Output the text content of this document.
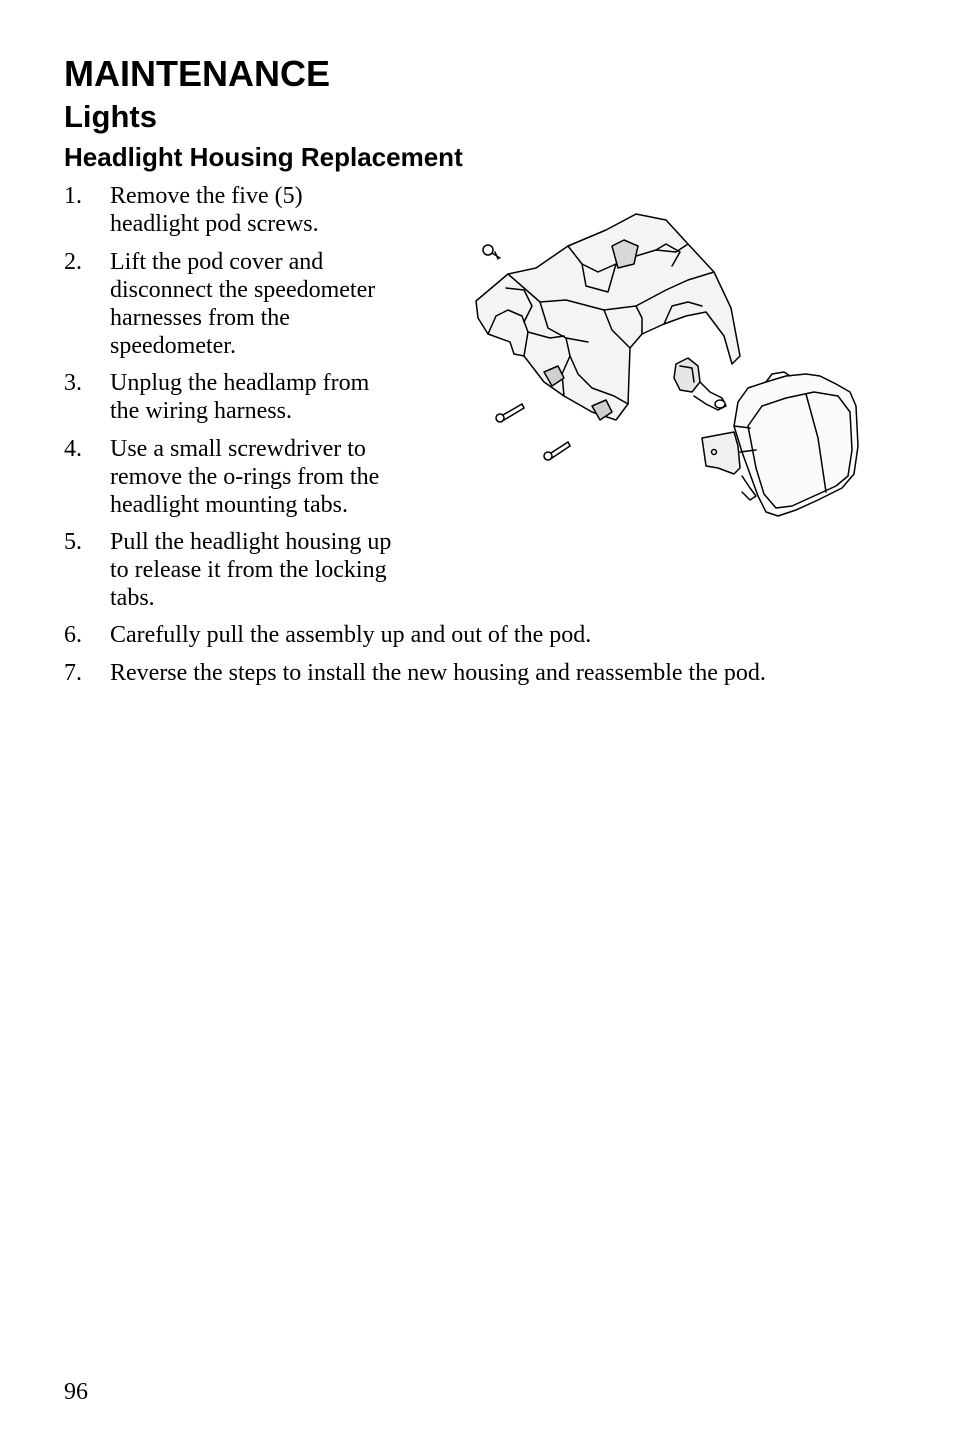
MAINTENANCE
Lights
Headlight Housing Replacement
1.	Remove the five (5)
headlight pod screws.
2.	Lift the pod cover and
disconnect the speedometer
harnesses from the
speedometer.
3.	Unplug the headlamp from
the wiring harness.
4.	Use a small screwdriver to
remove the o-rings from the
headlight mounting tabs.
5.	Pull the headlight housing up
to release it from the locking
tabs.
6.	Carefully pull the assembly up and out of the pod.
7.	Reverse the steps to install the new housing and reassemble the pod.
96
